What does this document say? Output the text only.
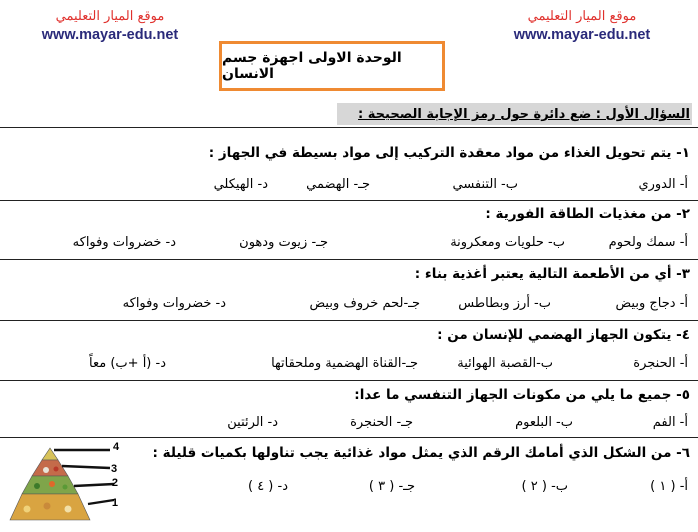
موقع الميار التعليمي
www.mayar-edu.net
موقع الميار التعليمي
www.mayar-edu.net
الوحدة الاولى اجهزة جسم الانسان
السؤال الأول : ضع دائرة حول رمز الإجابة الصحيحة :
١- يتم تحويل الغذاء من مواد معقدة التركيب إلى مواد بسيطة في الجهاز :
أ- الدوري
ب- التنفسي
جـ- الهضمي
د- الهيكلي
٢- من مغذيات الطاقة الفورية :
أ- سمك ولحوم
ب- حلويات ومعكرونة
جـ- زيوت ودهون
د- خضروات وفواكه
٣- أي من الأطعمة التالية يعتبر أغذية بناء :
أ- دجاج وبيض
ب- أرز وبطاطس
جـ-لحم خروف وبيض
د- خضروات وفواكه
٤- يتكون الجهاز الهضمي للإنسان من :
أ- الحنجرة
ب-القصبة الهوائية
جـ-القناة الهضمية وملحقاتها
د- (أ +ب) معاً
٥- جميع ما يلي من مكونات الجهاز التنفسي ما عدا:
أ- الفم
ب- البلعوم
جـ- الحنجرة
د- الرئتين
٦- من الشكل الذي أمامك الرقم الذي يمثل مواد غذائية يجب تناولها بكميات قليلة :
أ- ( ١ )
ب- ( ٢ )
جـ- ( ٣ )
د- ( ٤ )
4
3
2
1
